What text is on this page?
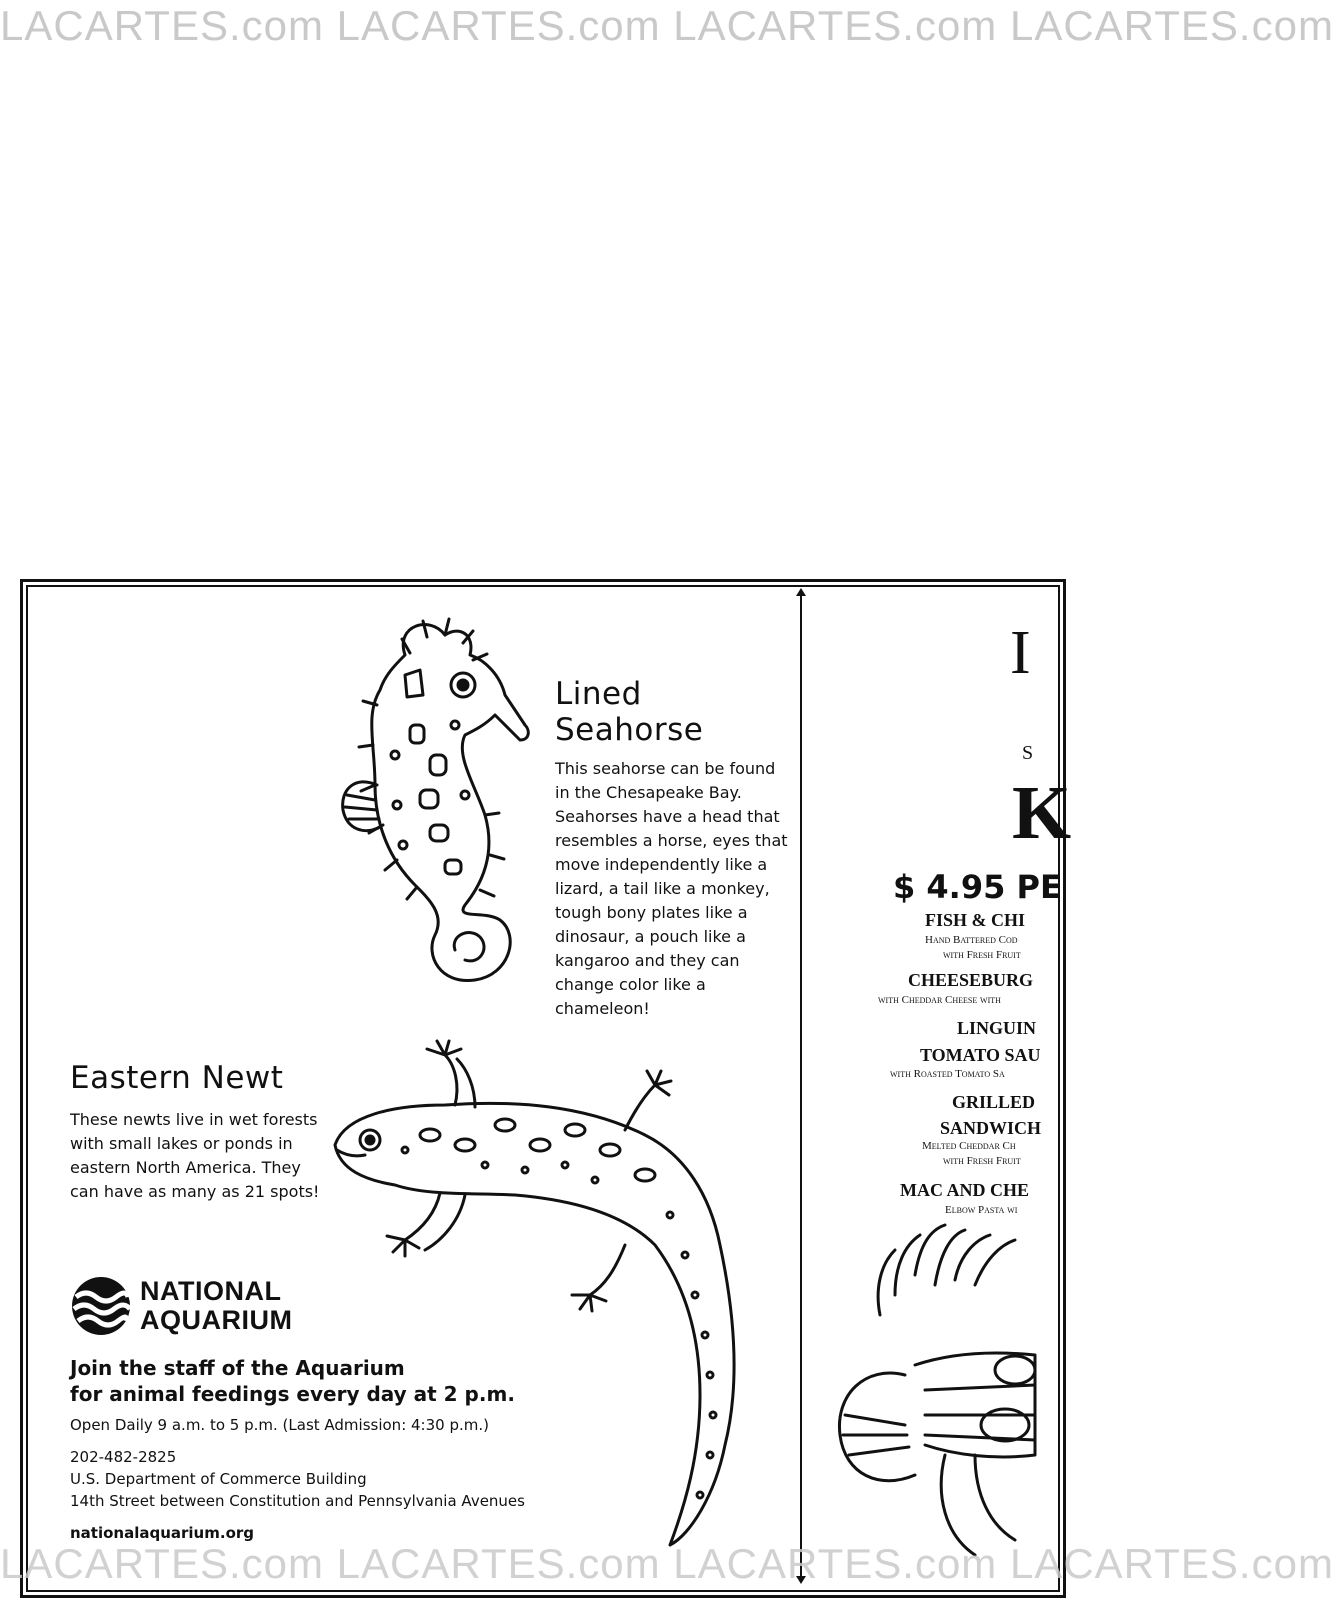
LACARTES.com LACARTES.com LACARTES.com LACARTES.com
Lined
Seahorse
This seahorse can be found
in the Chesapeake Bay.
Seahorses have a head that
resembles a horse, eyes that
move independently like a
lizard, a tail like a monkey,
tough bony plates like a
dinosaur, a pouch like a
kangaroo and they can
change color like a chameleon!
Eastern Newt
These newts live in wet forests
with small lakes or ponds in
eastern North America. They
can have as many as 21 spots!
NATIONAL
AQUARIUM
Join the staff of the Aquarium
for animal feedings every day at 2 p.m.
Open Daily 9 a.m. to 5 p.m. (Last Admission: 4:30 p.m.)
202-482-2825
U.S. Department of Commerce Building
14th Street between Constitution and Pennsylvania Avenues
nationalaquarium.org
I
S
K
$ 4.95 PE
FISH & CHI
Hand Battered Cod
with Fresh Fruit
CHEESEBURG
with Cheddar Cheese with
LINGUIN
TOMATO SAU
with Roasted Tomato Sa
GRILLED
SANDWICH
Melted Cheddar Ch
with Fresh Fruit
MAC AND CHE
Elbow Pasta wi
LACARTES.com LACARTES.com LACARTES.com LACARTES.com
